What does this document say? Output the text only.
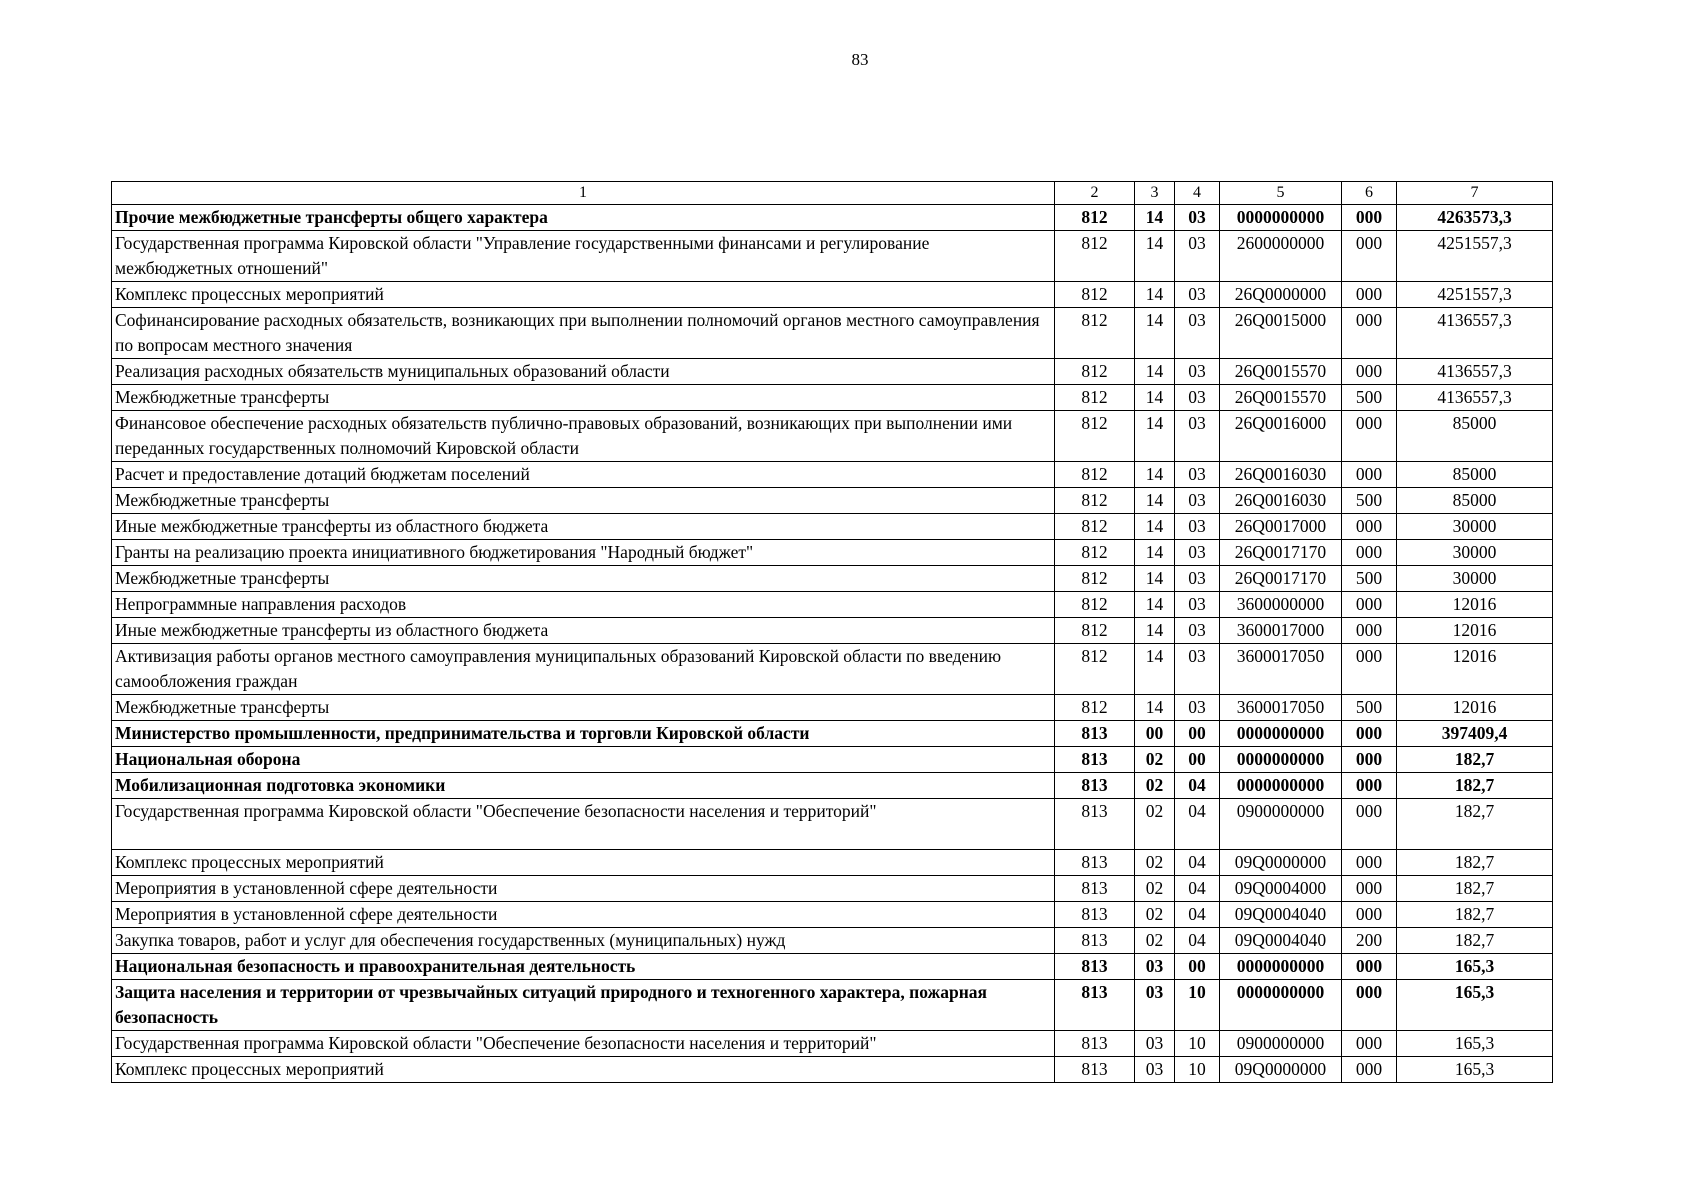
83
1	2	3	4	5	6	7
Прочие межбюджетные трансферты общего характера	812	14	03	0000000000	000	4263573,3
Государственная программа Кировской области "Управление государственными финансами и регулирование межбюджетных отношений"	812	14	03	2600000000	000	4251557,3
Комплекс процессных мероприятий	812	14	03	26Q0000000	000	4251557,3
Софинансирование расходных обязательств, возникающих при выполнении полномочий органов местного самоуправления по вопросам местного значения	812	14	03	26Q0015000	000	4136557,3
Реализация расходных обязательств муниципальных образований области	812	14	03	26Q0015570	000	4136557,3
Межбюджетные трансферты	812	14	03	26Q0015570	500	4136557,3
Финансовое обеспечение расходных обязательств публично-правовых образований, возникающих при выполнении ими переданных государственных полномочий Кировской области	812	14	03	26Q0016000	000	85000
Расчет и предоставление дотаций бюджетам поселений	812	14	03	26Q0016030	000	85000
Межбюджетные трансферты	812	14	03	26Q0016030	500	85000
Иные межбюджетные трансферты из областного бюджета	812	14	03	26Q0017000	000	30000
Гранты на реализацию проекта инициативного бюджетирования "Народный бюджет"	812	14	03	26Q0017170	000	30000
Межбюджетные трансферты	812	14	03	26Q0017170	500	30000
Непрограммные направления расходов	812	14	03	3600000000	000	12016
Иные межбюджетные трансферты из областного бюджета	812	14	03	3600017000	000	12016
Активизация работы органов местного самоуправления муниципальных образований Кировской области по введению самообложения граждан	812	14	03	3600017050	000	12016
Межбюджетные трансферты	812	14	03	3600017050	500	12016
Министерство промышленности, предпринимательства и торговли Кировской области	813	00	00	0000000000	000	397409,4
Национальная оборона	813	02	00	0000000000	000	182,7
Мобилизационная подготовка экономики	813	02	04	0000000000	000	182,7
Государственная программа Кировской области "Обеспечение безопасности населения и территорий"	813	02	04	0900000000	000	182,7
Комплекс процессных мероприятий	813	02	04	09Q0000000	000	182,7
Мероприятия в установленной сфере деятельности	813	02	04	09Q0004000	000	182,7
Мероприятия в установленной сфере деятельности	813	02	04	09Q0004040	000	182,7
Закупка товаров, работ и услуг для обеспечения государственных (муниципальных) нужд	813	02	04	09Q0004040	200	182,7
Национальная безопасность и правоохранительная деятельность	813	03	00	0000000000	000	165,3
Защита населения и территории от чрезвычайных ситуаций природного и техногенного характера, пожарная безопасность	813	03	10	0000000000	000	165,3
Государственная программа Кировской области "Обеспечение безопасности населения и территорий"	813	03	10	0900000000	000	165,3
Комплекс процессных мероприятий	813	03	10	09Q0000000	000	165,3
